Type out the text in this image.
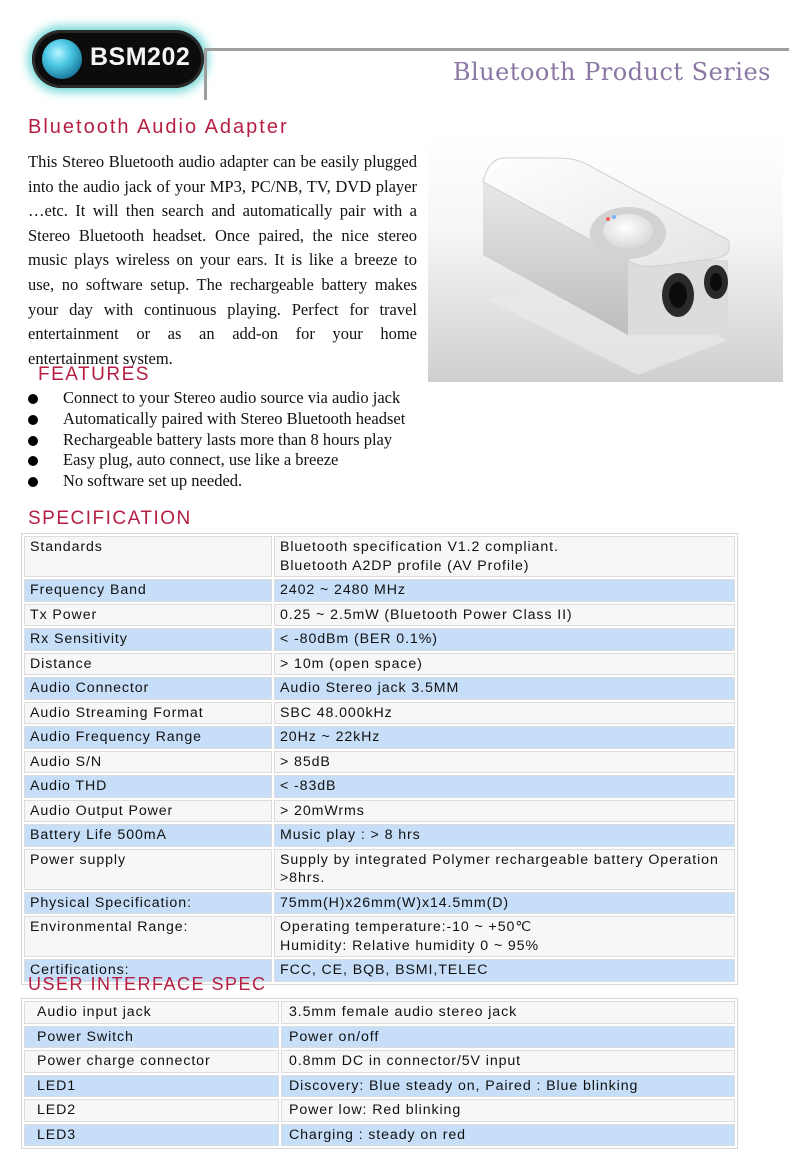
BSM202
Bluetooth Product Series
Bluetooth Audio Adapter
This Stereo Bluetooth audio adapter can be easily plugged into the audio jack of your MP3, PC/NB, TV, DVD player …etc. It will then search and automatically pair with a Stereo Bluetooth headset. Once paired, the nice stereo music plays wireless on your ears. It is like a breeze to use, no software setup. The rechargeable battery makes your day with continuous playing. Perfect for travel entertainment or as an add-on for your home entertainment system.
FEATURES
Connect to your Stereo audio source via audio jack
Automatically paired with Stereo Bluetooth headset
Rechargeable battery lasts more than 8 hours play
Easy plug, auto connect, use like a breeze
No software set up needed.
SPECIFICATION
Standards	Bluetooth specification V1.2 compliant.
Bluetooth A2DP profile (AV Profile)
Frequency Band	2402 ~ 2480 MHz
Tx Power	0.25 ~ 2.5mW (Bluetooth Power Class II)
Rx Sensitivity	< -80dBm (BER 0.1%)
Distance	> 10m (open space)
Audio Connector	Audio Stereo jack 3.5MM
Audio Streaming Format	SBC 48.000kHz
Audio Frequency Range	20Hz ~ 22kHz
Audio S/N	> 85dB
Audio THD	< -83dB
Audio Output Power	> 20mWrms
Battery Life 500mA	Music play : > 8 hrs
Power supply	Supply by integrated Polymer rechargeable battery Operation
>8hrs.
Physical Specification:	75mm(H)x26mm(W)x14.5mm(D)
Environmental Range:	Operating temperature:-10 ~ +50℃
Humidity: Relative humidity 0 ~ 95%
Certifications:	FCC, CE, BQB, BSMI,TELEC
USER INTERFACE SPEC
Audio input jack	3.5mm female audio stereo jack
Power Switch	Power on/off
Power charge connector	0.8mm DC in connector/5V input
LED1	Discovery: Blue steady on, Paired : Blue blinking
LED2	Power low: Red blinking
LED3	Charging : steady on red
